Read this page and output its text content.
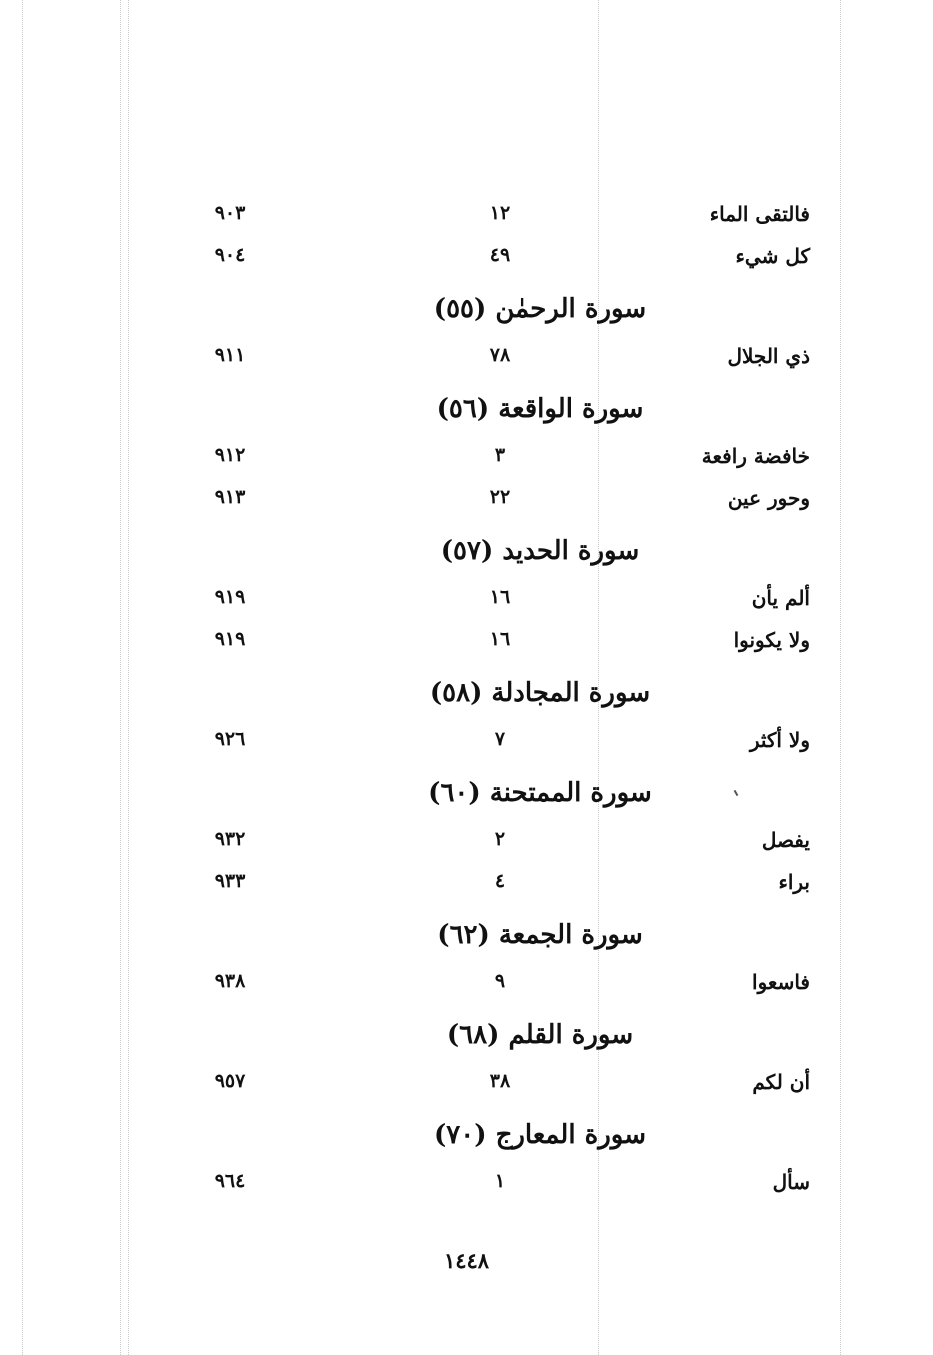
فالتقى الماء
١٢
٩٠٣
كل شيء
٤٩
٩٠٤
سورة الرحمٰن (٥٥)
ذي الجلال
٧٨
٩١١
سورة الواقعة (٥٦)
خافضة رافعة
٣
٩١٢
وحور عين
٢٢
٩١٣
سورة الحديد (٥٧)
ألم يأن
١٦
٩١٩
ولا يكونوا
١٦
٩١٩
سورة المجادلة (٥٨)
ولا أكثر
٧
٩٢٦
سورة الممتحنة (٦٠)
يفصل
٢
٩٣٢
براء
٤
٩٣٣
سورة الجمعة (٦٢)
فاسعوا
٩
٩٣٨
سورة القلم (٦٨)
أن لكم
٣٨
٩٥٧
سورة المعارج (٧٠)
سأل
١
٩٦٤
١٤٤٨
